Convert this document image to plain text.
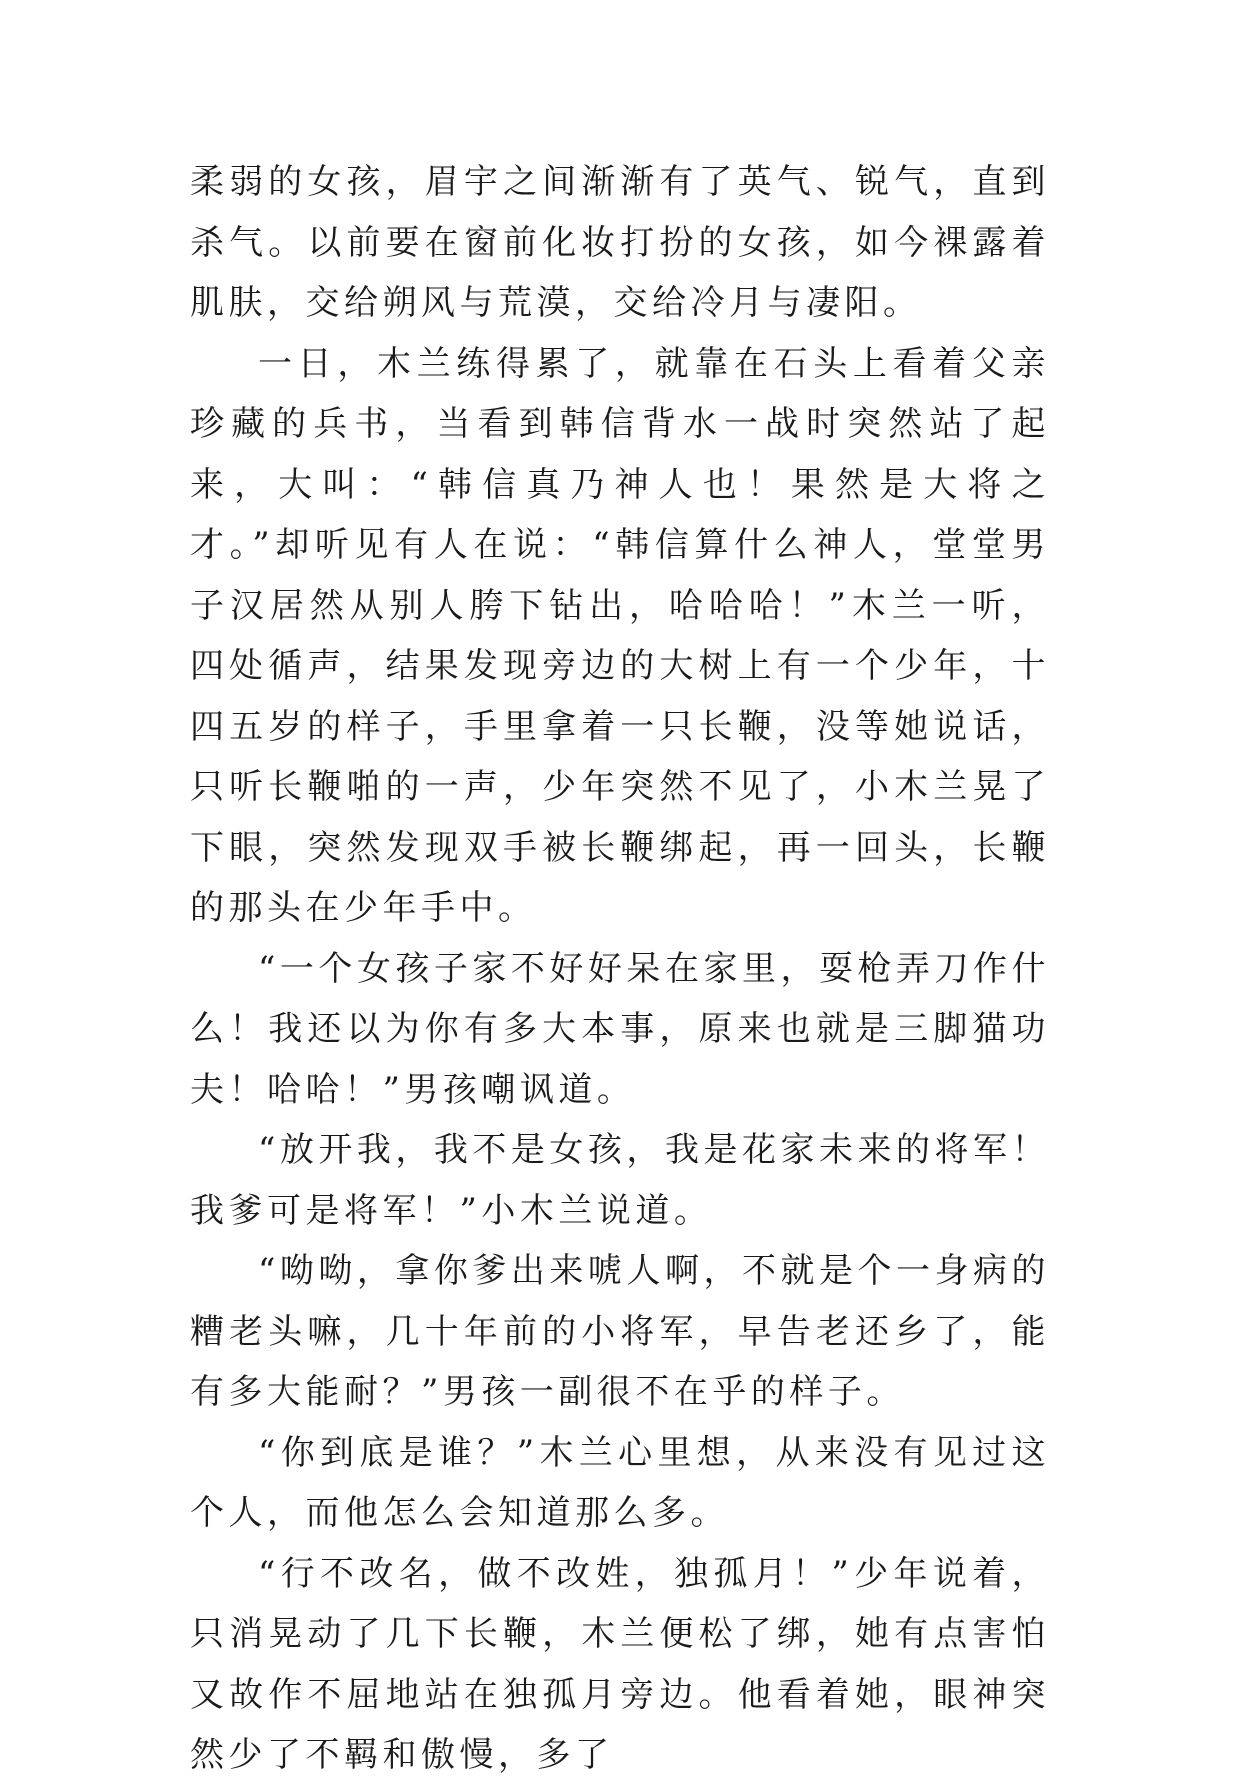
柔弱的女孩，眉宇之间渐渐有了英气、锐气，直到杀气。以前要在窗前化妆打扮的女孩，如今裸露着肌肤，交给朔风与荒漠，交给冷月与凄阳。

一日，木兰练得累了，就靠在石头上看着父亲珍藏的兵书，当看到韩信背水一战时突然站了起来，大叫：“韩信真乃神人也！果然是大将之才。”却听见有人在说：“韩信算什么神人，堂堂男子汉居然从别人胯下钻出，哈哈哈！”木兰一听，四处循声，结果发现旁边的大树上有一个少年，十四五岁的样子，手里拿着一只长鞭，没等她说话，只听长鞭啪的一声，少年突然不见了，小木兰晃了下眼，突然发现双手被长鞭绑起，再一回头，长鞭的那头在少年手中。

“一个女孩子家不好好呆在家里，耍枪弄刀作什么！我还以为你有多大本事，原来也就是三脚猫功夫！哈哈！”男孩嘲讽道。

“放开我，我不是女孩，我是花家未来的将军！我爹可是将军！”小木兰说道。

“呦呦，拿你爹出来唬人啊，不就是个一身病的糟老头嘛，几十年前的小将军，早告老还乡了，能有多大能耐？”男孩一副很不在乎的样子。

“你到底是谁？”木兰心里想，从来没有见过这个人，而他怎么会知道那么多。

“行不改名，做不改姓，独孤月！”少年说着，只消晃动了几下长鞭，木兰便松了绑，她有点害怕又故作不屈地站在独孤月旁边。他看着她，眼神突然少了不羁和傲慢，多了
